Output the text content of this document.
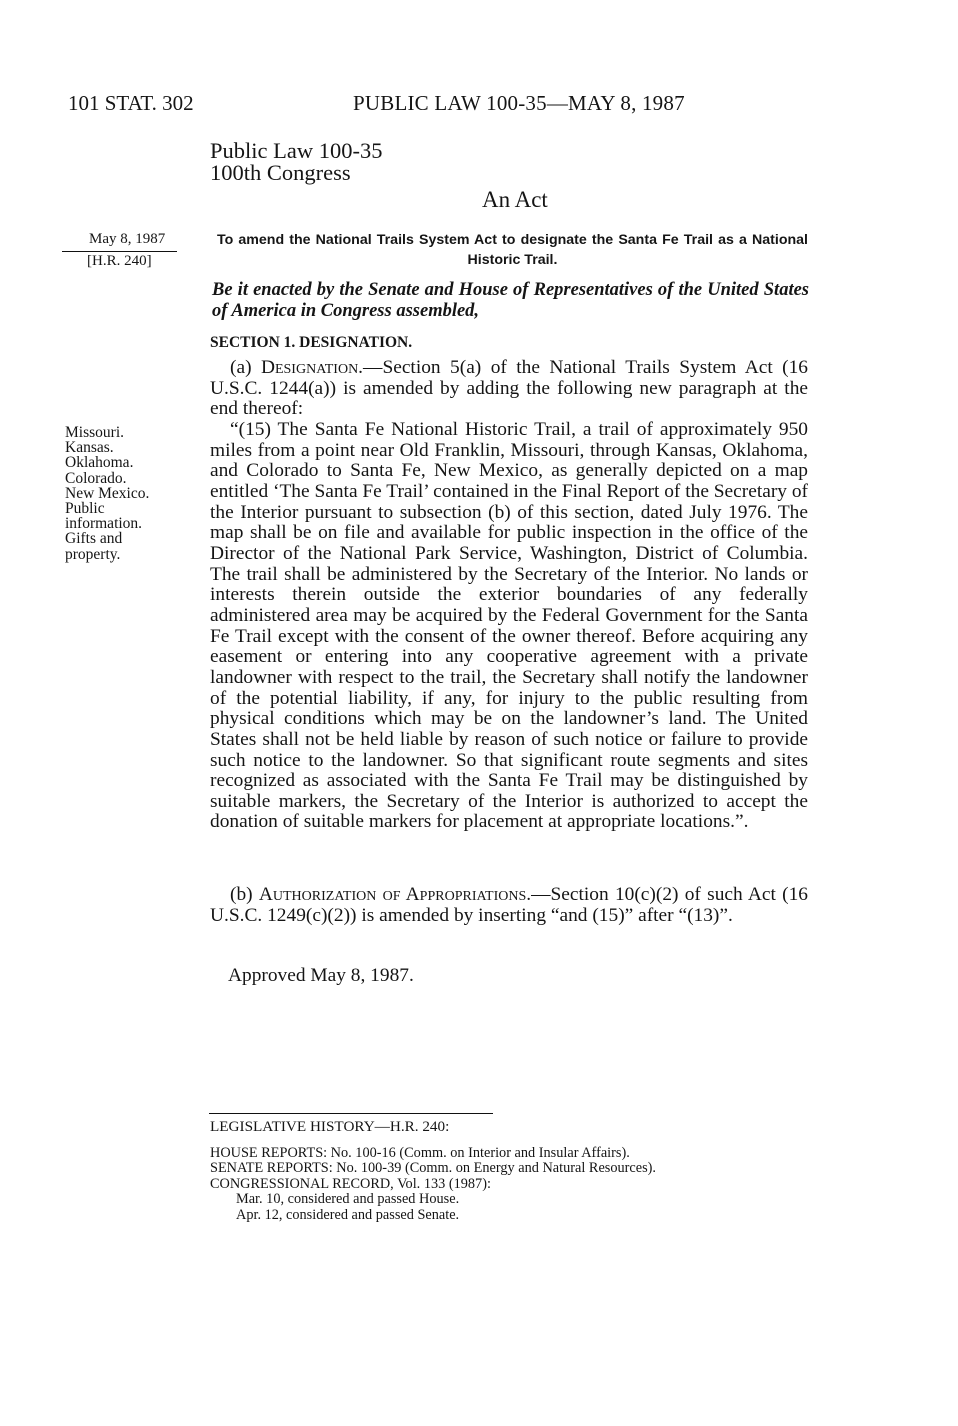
101 STAT. 302	PUBLIC LAW 100-35—MAY 8, 1987
Public Law 100-35
100th Congress
An Act
May 8, 1987
[H.R. 240]
To amend the National Trails System Act to designate the Santa Fe Trail as a National Historic Trail.
Be it enacted by the Senate and House of Representatives of the United States of America in Congress assembled,
SECTION 1. DESIGNATION.
(a) Designation.—Section 5(a) of the National Trails System Act (16 U.S.C. 1244(a)) is amended by adding the following new paragraph at the end thereof:
“(15) The Santa Fe National Historic Trail, a trail of approximately 950 miles from a point near Old Franklin, Missouri, through Kansas, Oklahoma, and Colorado to Santa Fe, New Mexico, as generally depicted on a map entitled ‘The Santa Fe Trail’ contained in the Final Report of the Secretary of the Interior pursuant to subsection (b) of this section, dated July 1976. The map shall be on file and available for public inspection in the office of the Director of the National Park Service, Washington, District of Columbia. The trail shall be administered by the Secretary of the Interior. No lands or interests therein outside the exterior boundaries of any federally administered area may be acquired by the Federal Government for the Santa Fe Trail except with the consent of the owner thereof. Before acquiring any easement or entering into any cooperative agreement with a private landowner with respect to the trail, the Secretary shall notify the landowner of the potential liability, if any, for injury to the public resulting from physical conditions which may be on the landowner’s land. The United States shall not be held liable by reason of such notice or failure to provide such notice to the landowner. So that significant route segments and sites recognized as associated with the Santa Fe Trail may be distinguished by suitable markers, the Secretary of the Interior is authorized to accept the donation of suitable markers for placement at appropriate locations.”.
Missouri.
Kansas.
Oklahoma.
Colorado.
New Mexico.
Public
information.
Gifts and
property.
(b) Authorization of Appropriations.—Section 10(c)(2) of such Act (16 U.S.C. 1249(c)(2)) is amended by inserting “and (15)” after “(13)”.
Approved May 8, 1987.
LEGISLATIVE HISTORY—H.R. 240:
HOUSE REPORTS: No. 100-16 (Comm. on Interior and Insular Affairs).
SENATE REPORTS: No. 100-39 (Comm. on Energy and Natural Resources).
CONGRESSIONAL RECORD, Vol. 133 (1987):
Mar. 10, considered and passed House.
Apr. 12, considered and passed Senate.
